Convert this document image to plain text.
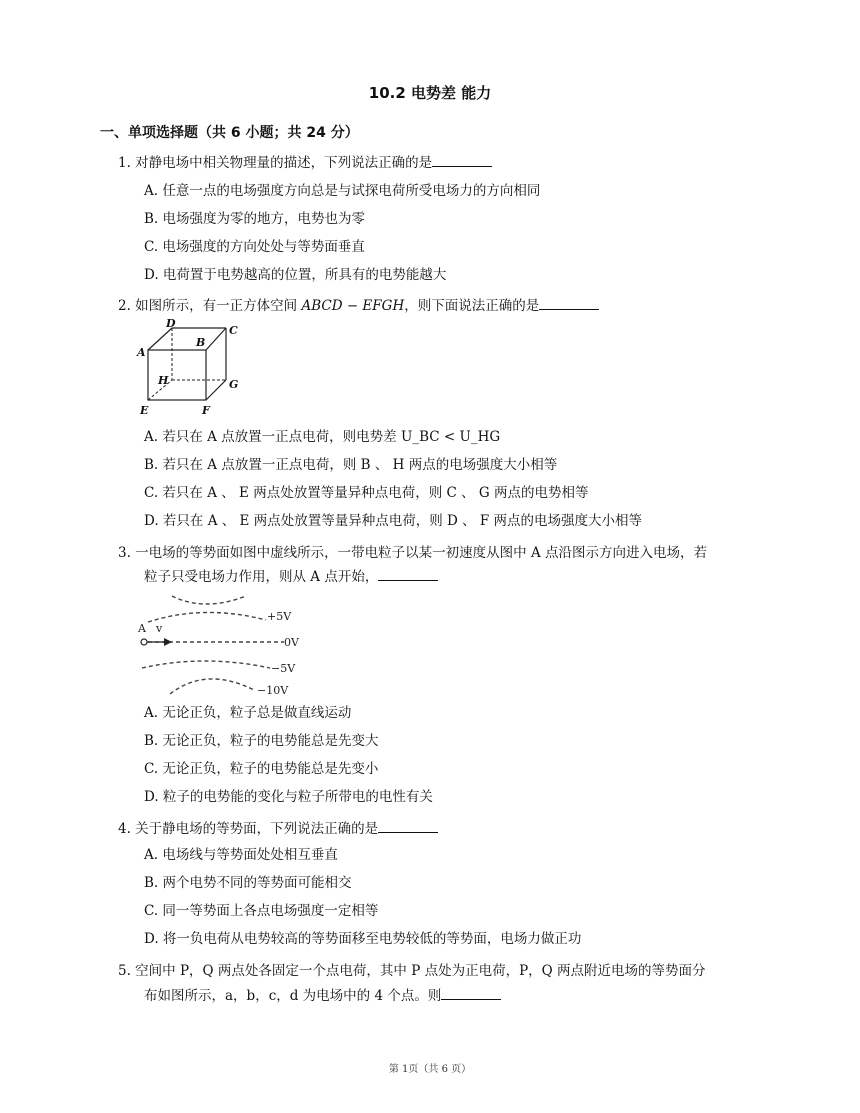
10.2 电势差 能力
一、单项选择题（共 6 小题；共 24 分）
1. 对静电场中相关物理量的描述，下列说法正确的是
A. 任意一点的电场强度方向总是与试探电荷所受电场力的方向相同
B. 电场强度为零的地方，电势也为零
C. 电场强度的方向处处与等势面垂直
D. 电荷置于电势越高的位置，所具有的电势能越大
2. 如图所示，有一正方体空间 ABCD − EFGH，则下面说法正确的是
D
C
A
B
H	G
E	F
A. 若只在 A 点放置一正点电荷，则电势差 U_BC < U_HG
B. 若只在 A 点放置一正点电荷，则 B 、 H 两点的电场强度大小相等
C. 若只在 A 、 E 两点处放置等量异种点电荷，则 C 、 G 两点的电势相等
D. 若只在 A 、 E 两点处放置等量异种点电荷，则 D 、 F 两点的电场强度大小相等
3. 一电场的等势面如图中虚线所示，一带电粒子以某一初速度从图中 A 点沿图示方向进入电场，若
粒子只受电场力作用，则从 A 点开始，
A v
+5V
0V
−5V
−10V
A. 无论正负，粒子总是做直线运动
B. 无论正负，粒子的电势能总是先变大
C. 无论正负，粒子的电势能总是先变小
D. 粒子的电势能的变化与粒子所带电的电性有关
4. 关于静电场的等势面，下列说法正确的是
A. 电场线与等势面处处相互垂直
B. 两个电势不同的等势面可能相交
C. 同一等势面上各点电场强度一定相等
D. 将一负电荷从电势较高的等势面移至电势较低的等势面，电场力做正功
5. 空间中 P，Q 两点处各固定一个点电荷，其中 P 点处为正电荷，P，Q 两点附近电场的等势面分
布如图所示，a，b，c，d 为电场中的 4 个点。则
第 1页（共 6 页）
